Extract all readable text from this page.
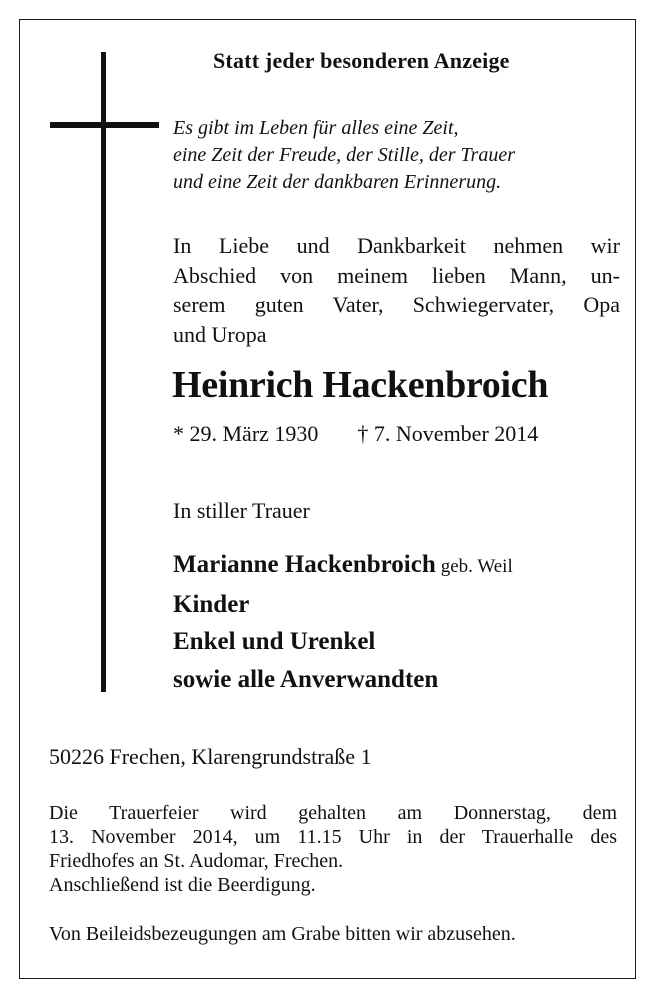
Statt jeder besonderen Anzeige
Es gibt im Leben für alles eine Zeit,
eine Zeit der Freude, der Stille, der Trauer
und eine Zeit der dankbaren Erinnerung.
In Liebe und Dankbarkeit nehmen wir
Abschied von meinem lieben Mann, un-
serem guten Vater, Schwiegervater, Opa
und Uropa
Heinrich Hackenbroich
* 29. März 1930 † 7. November 2014
In stiller Trauer
Marianne Hackenbroich geb. Weil
Kinder
Enkel und Urenkel
sowie alle Anverwandten
50226 Frechen, Klarengrundstraße 1
Die Trauerfeier wird gehalten am Donnerstag, dem
13. November 2014, um 11.15 Uhr in der Trauerhalle des
Friedhofes an St. Audomar, Frechen.
Anschließend ist die Beerdigung.
Von Beileidsbezeugungen am Grabe bitten wir abzusehen.
